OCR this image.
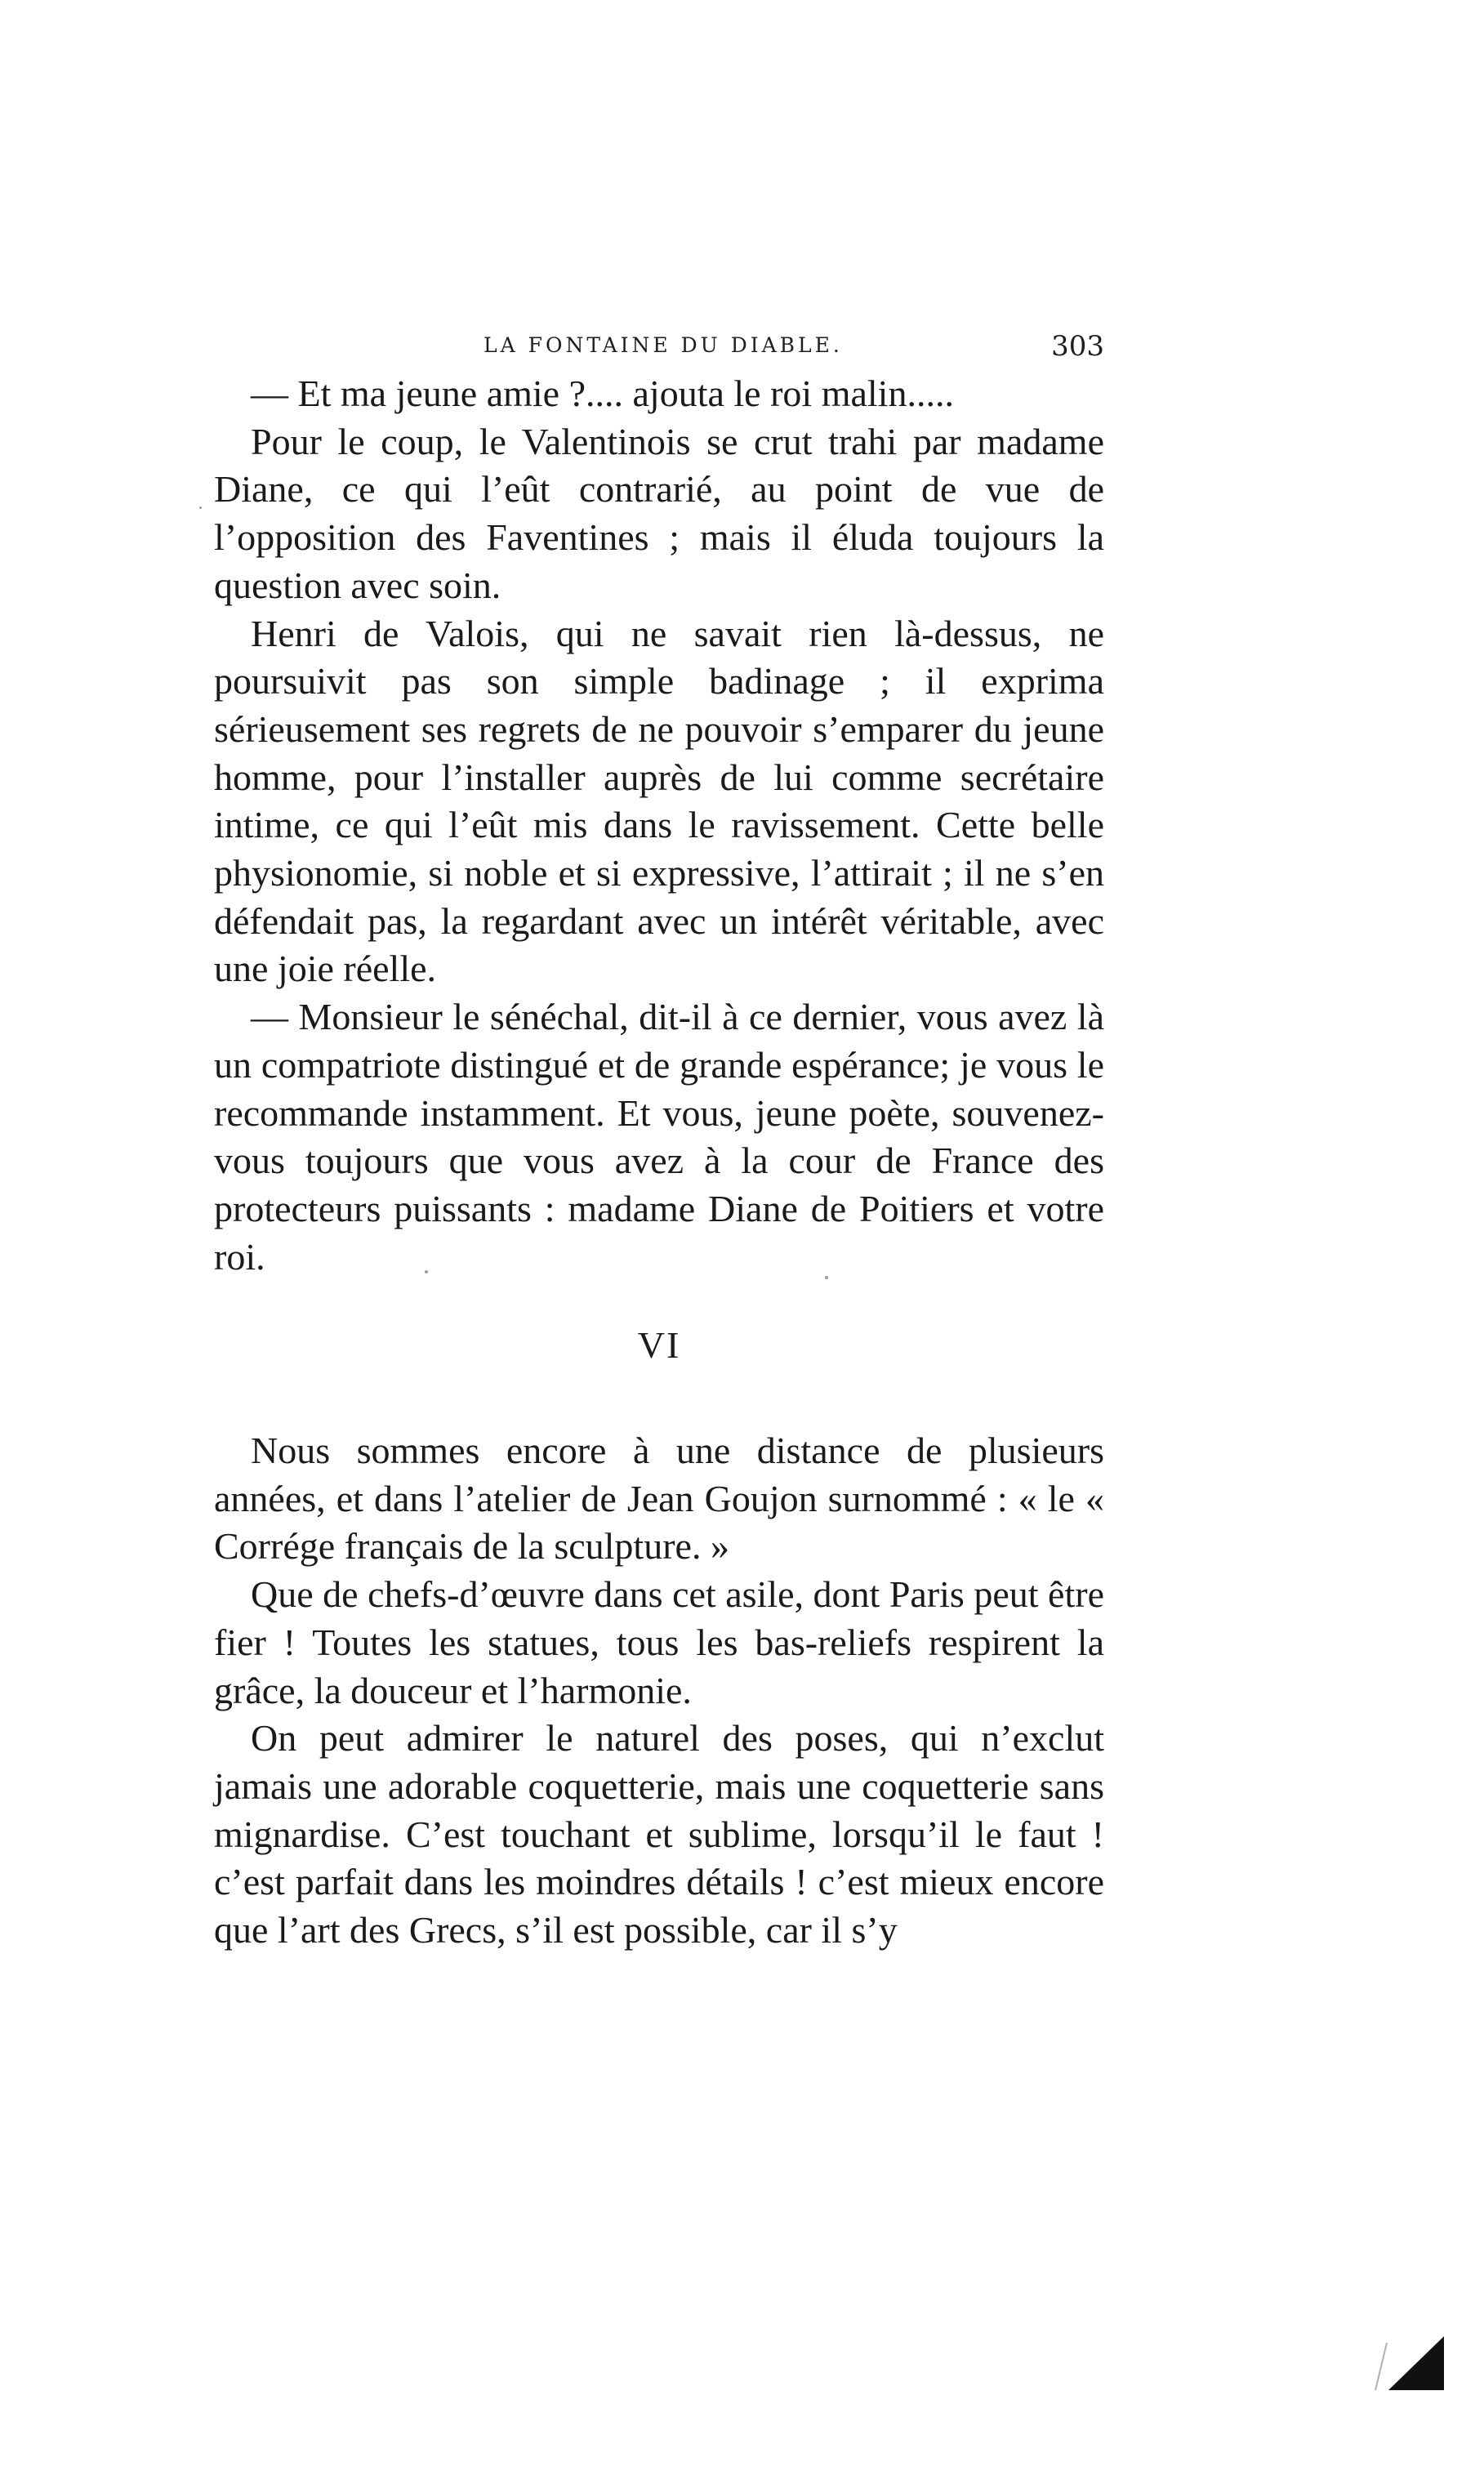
LA FONTAINE DU DIABLE.	303

— Et ma jeune amie ?.... ajouta le roi malin.....

Pour le coup, le Valentinois se crut trahi par madame Diane, ce qui l’eût contrarié, au point de vue de l’opposition des Faventines ; mais il éluda toujours la question avec soin.

Henri de Valois, qui ne savait rien là-dessus, ne poursuivit pas son simple badinage ; il exprima sérieusement ses regrets de ne pouvoir s’emparer du jeune homme, pour l’installer auprès de lui comme secrétaire intime, ce qui l’eût mis dans le ravissement. Cette belle physionomie, si noble et si expressive, l’attirait ; il ne s’en défendait pas, la regardant avec un intérêt véritable, avec une joie réelle.

— Monsieur le sénéchal, dit-il à ce dernier, vous avez là un compatriote distingué et de grande espérance; je vous le recommande instamment. Et vous, jeune poète, souvenez-vous toujours que vous avez à la cour de France des protecteurs puissants : madame Diane de Poitiers et votre roi.

VI

Nous sommes encore à une distance de plusieurs années, et dans l’atelier de Jean Goujon surnommé : « le « Corrége français de la sculpture. »

Que de chefs-d’œuvre dans cet asile, dont Paris peut être fier ! Toutes les statues, tous les bas-reliefs respirent la grâce, la douceur et l’harmonie.

On peut admirer le naturel des poses, qui n’exclut jamais une adorable coquetterie, mais une coquetterie sans mignardise. C’est touchant et sublime, lorsqu’il le faut ! c’est parfait dans les moindres détails ! c’est mieux encore que l’art des Grecs, s’il est possible, car il s’y
